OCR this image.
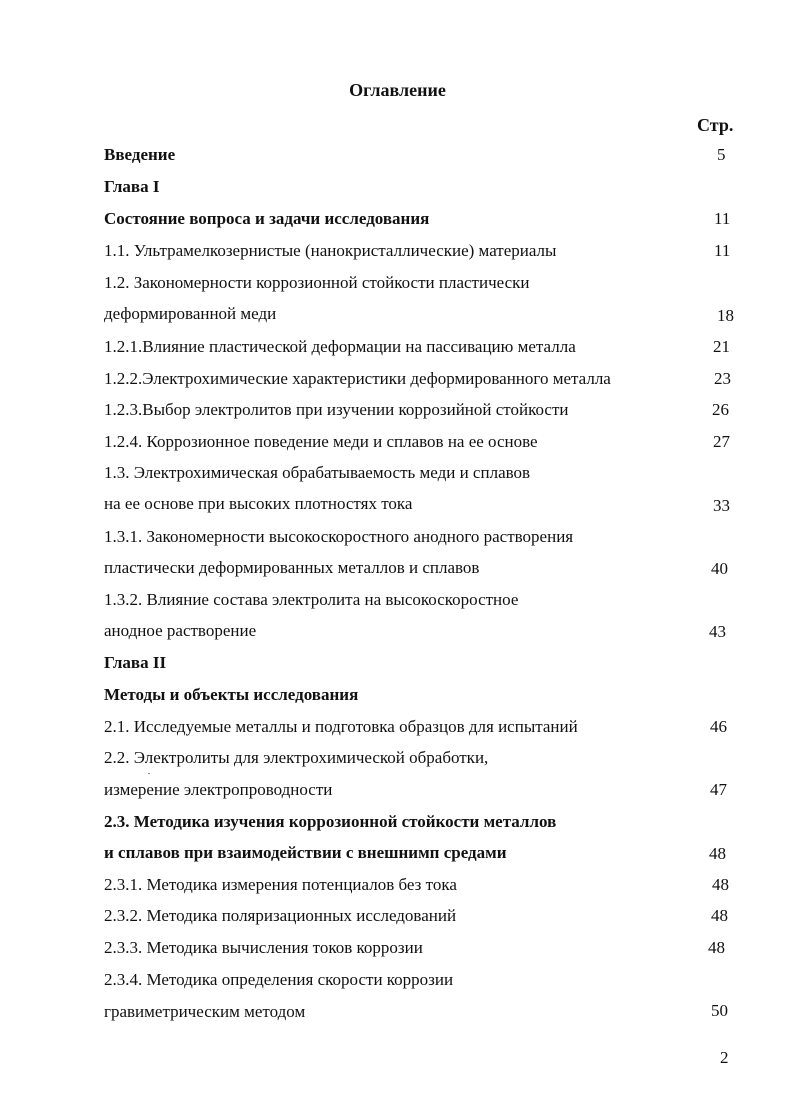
Оглавление
Стр.
Введение	5
Глава I
Состояние вопроса и задачи исследования	11
1.1. Ультрамелкозернистые (нанокристаллические) материалы	11
1.2. Закономерности коррозионной стойкости пластически
деформированной меди	18
1.2.1.Влияние пластической деформации на пассивацию металла	21
1.2.2.Электрохимические характеристики деформированного металла	23
1.2.3.Выбор электролитов при изучении коррозийной стойкости	26
1.2.4. Коррозионное поведение меди и сплавов на ее основе	27
1.3. Электрохимическая обрабатываемость меди и сплавов
на ее основе при высоких плотностях тока	33
1.3.1. Закономерности высокоскоростного анодного растворения
пластически деформированных металлов и сплавов	40
1.3.2. Влияние состава электролита на высокоскоростное
анодное растворение	43
Глава II
Методы и объекты исследования
2.1. Исследуемые металлы и подготовка образцов для испытаний	46
2.2. Электролиты для электрохимической обработки,
измерение электропроводности	47
2.3. Методика изучения коррозионной стойкости металлов
и сплавов при взаимодействии с внешнимп средами	48
2.3.1. Методика измерения потенциалов без тока	48
2.3.2. Методика поляризационных исследований	48
2.3.3. Методика вычисления токов коррозии	48
2.3.4. Методика определения скорости коррозии
гравиметрическим методом	50
2
